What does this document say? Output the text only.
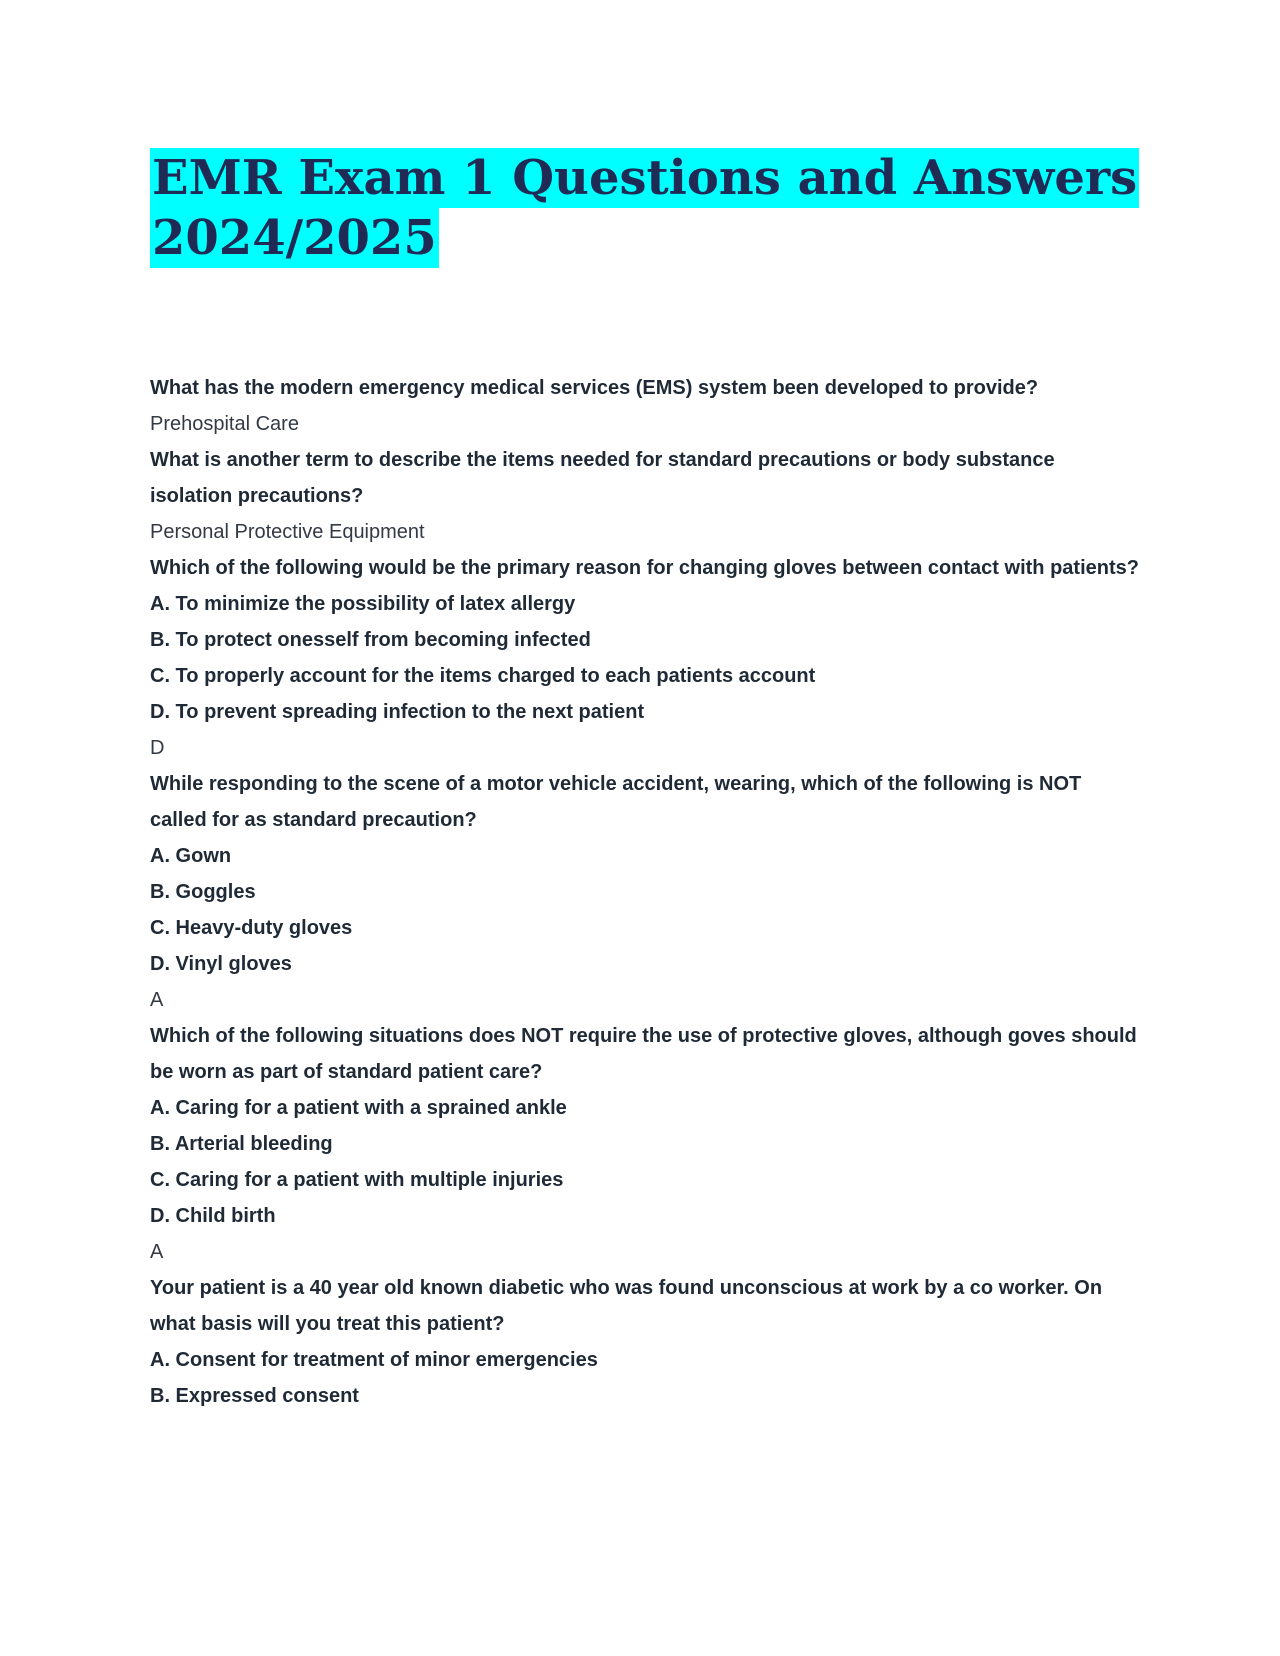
EMR Exam 1 Questions and Answers
2024/2025

What has the modern emergency medical services (EMS) system been developed to provide?

Prehospital Care

What is another term to describe the items needed for standard precautions or body substance isolation precautions?

Personal Protective Equipment

Which of the following would be the primary reason for changing gloves between contact with patients?

A. To minimize the possibility of latex allergy

B. To protect onesself from becoming infected

C. To properly account for the items charged to each patients account

D. To prevent spreading infection to the next patient

D

While responding to the scene of a motor vehicle accident, wearing, which of the following is NOT called for as standard precaution?

A. Gown

B. Goggles

C. Heavy-duty gloves

D. Vinyl gloves

A

Which of the following situations does NOT require the use of protective gloves, although goves should be worn as part of standard patient care?

A. Caring for a patient with a sprained ankle

B. Arterial bleeding

C. Caring for a patient with multiple injuries

D. Child birth

A

Your patient is a 40 year old known diabetic who was found unconscious at work by a co worker. On what basis will you treat this patient?

A. Consent for treatment of minor emergencies

B. Expressed consent
